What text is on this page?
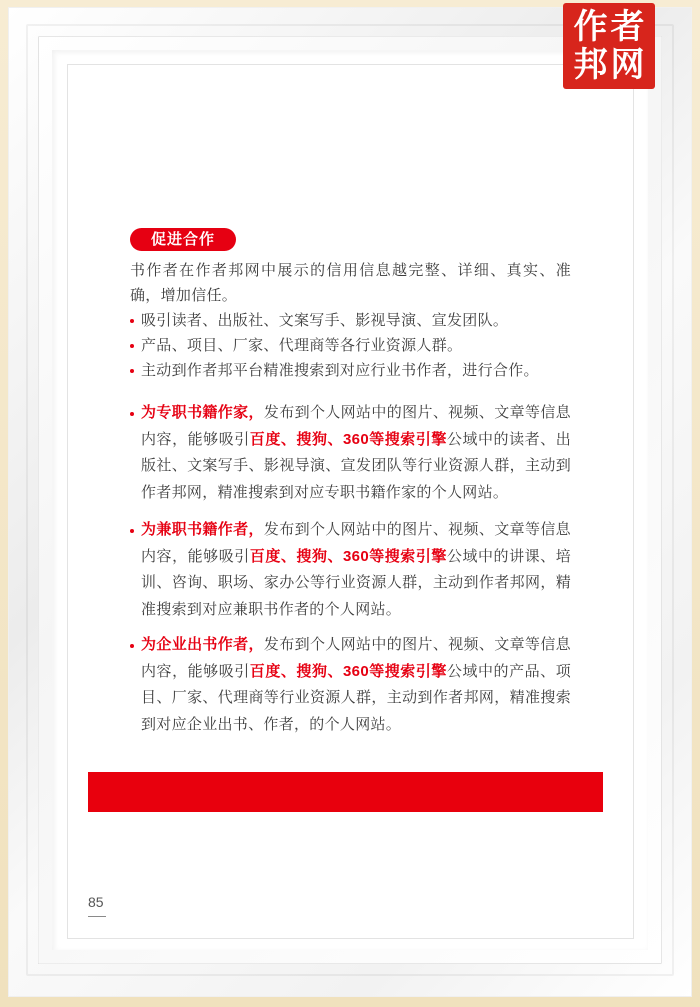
促进合作

书作者在作者邦网中展示的信用信息越完整、详细、真实、准确，增加信任。

吸引读者、出版社、文案写手、影视导演、宣发团队。
产品、项目、厂家、代理商等各行业资源人群。
主动到作者邦平台精准搜索到对应行业书作者，进行合作。

为专职书籍作家，发布到个人网站中的图片、视频、文章等信息内容，能够吸引百度、搜狗、360等搜索引擎公域中的读者、出版社、文案写手、影视导演、宣发团队等行业资源人群，主动到作者邦网，精准搜索到对应专职书籍作家的个人网站。

为兼职书籍作者，发布到个人网站中的图片、视频、文章等信息内容，能够吸引百度、搜狗、360等搜索引擎公域中的讲课、培训、咨询、职场、家办公等行业资源人群，主动到作者邦网，精准搜索到对应兼职书作者的个人网站。

为企业出书作者，发布到个人网站中的图片、视频、文章等信息内容，能够吸引百度、搜狗、360等搜索引擎公域中的产品、项目、厂家、代理商等行业资源人群，主动到作者邦网，精准搜索到对应企业出书、作者，的个人网站。

85
作者
邦网
